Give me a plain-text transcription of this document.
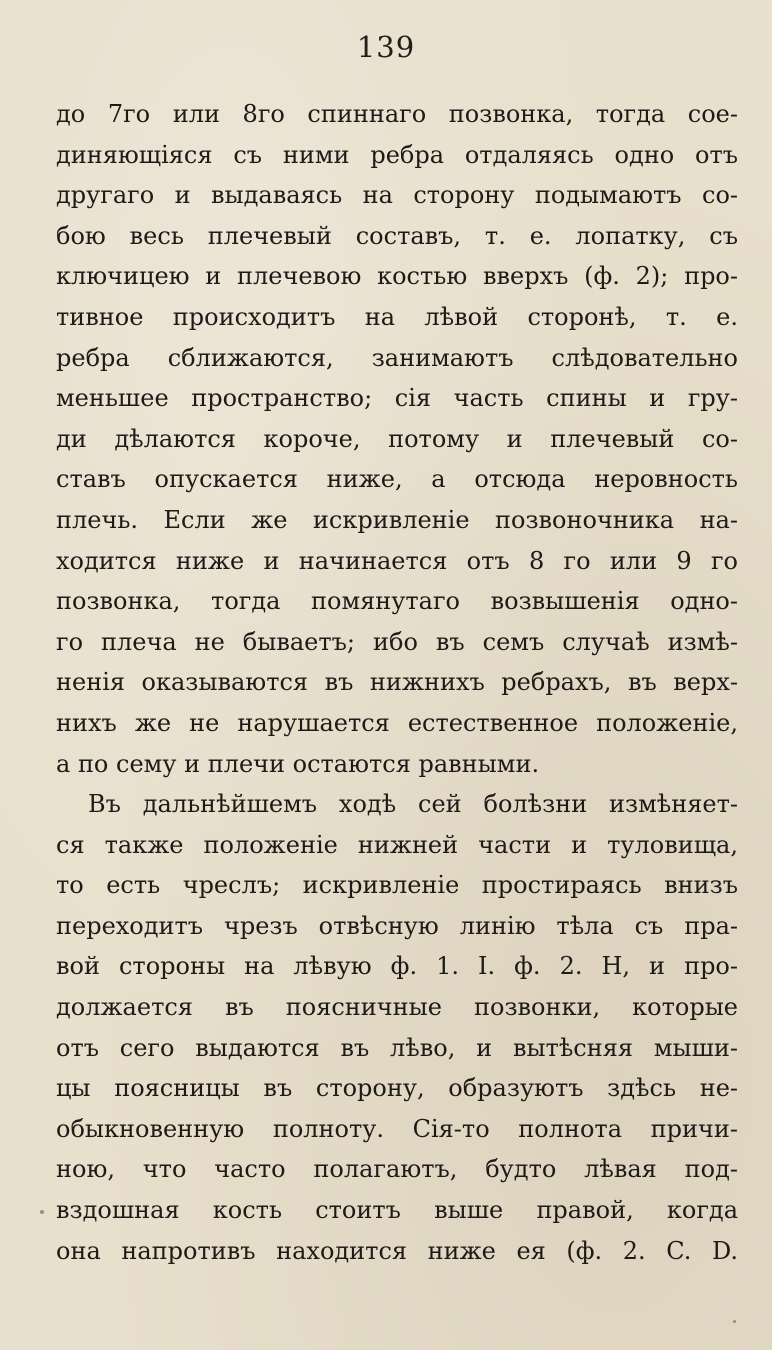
139
до 7го или 8го спиннаго позвонка, тогда сое-
диняющіяся съ ними ребра отдаляясь одно отъ
другаго и выдаваясь на сторону подымаютъ со-
бою весь плечевый составъ, т. е. лопатку, съ
ключицею и плечевою костью вверхъ (ф. 2); про-
тивное происходитъ на лѣвой сторонѣ, т. е.
ребра сближаются, занимаютъ слѣдовательно
меньшее пространство; сія часть спины и гру-
ди дѣлаются короче, потому и плечевый со-
ставъ опускается ниже, а отсюда неровность
плечь. Если же искривленіе позвоночника на-
ходится ниже и начинается отъ 8 го или 9 го
позвонка, тогда помянутаго возвышенія одно-
го плеча не бываетъ; ибо въ семъ случаѣ измѣ-
ненія оказываются въ нижнихъ ребрахъ, въ верх-
нихъ же не нарушается естественное положеніе,
а по сему и плечи остаются равными.
Въ дальнѣйшемъ ходѣ сей болѣзни измѣняет-
ся также положеніе нижней части и туловища,
то есть чреслъ; искривленіе простираясь внизъ
переходитъ чрезъ отвѣсную линію тѣла съ пра-
вой стороны на лѣвую ф. 1. I. ф. 2. H, и про-
должается въ поясничные позвонки, которые
отъ сего выдаются въ лѣво, и вытѣсняя мыши-
цы поясницы въ сторону, образуютъ здѣсь не-
обыкновенную полноту. Сія-то полнота причи-
ною, что часто полагаютъ, будто лѣвая под-
вздошная кость стоитъ выше правой, когда
она напротивъ находится ниже ея (ф. 2. C. D.
